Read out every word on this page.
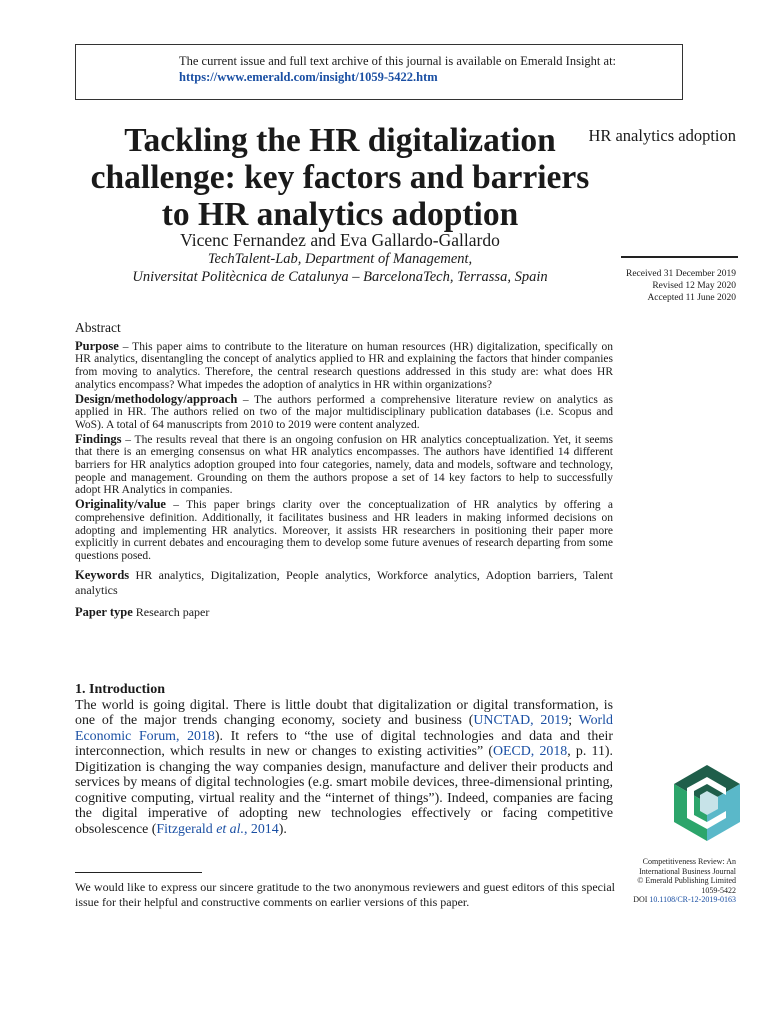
The current issue and full text archive of this journal is available on Emerald Insight at:
https://www.emerald.com/insight/1059-5422.htm
Tackling the HR digitalization challenge: key factors and barriers to HR analytics adoption
HR analytics adoption
Vicenc Fernandez and Eva Gallardo-Gallardo
TechTalent-Lab, Department of Management,
Universitat Politècnica de Catalunya – BarcelonaTech, Terrassa, Spain	Received 31 December 2019
Revised 12 May 2020
Accepted 11 June 2020
Abstract

Purpose – This paper aims to contribute to the literature on human resources (HR) digitalization, specifically on HR analytics, disentangling the concept of analytics applied to HR and explaining the factors that hinder companies from moving to analytics. Therefore, the central research questions addressed in this study are: what does HR analytics encompass? What impedes the adoption of analytics in HR within organizations?

Design/methodology/approach – The authors performed a comprehensive literature review on analytics as applied in HR. The authors relied on two of the major multidisciplinary publication databases (i.e. Scopus and WoS). A total of 64 manuscripts from 2010 to 2019 were content analyzed.

Findings – The results reveal that there is an ongoing confusion on HR analytics conceptualization. Yet, it seems that there is an emerging consensus on what HR analytics encompasses. The authors have identified 14 different barriers for HR analytics adoption grouped into four categories, namely, data and models, software and technology, people and management. Grounding on them the authors propose a set of 14 key factors to help to successfully adopt HR Analytics in companies.

Originality/value – This paper brings clarity over the conceptualization of HR analytics by offering a comprehensive definition. Additionally, it facilitates business and HR leaders in making informed decisions on adopting and implementing HR analytics. Moreover, it assists HR researchers in positioning their paper more explicitly in current debates and encouraging them to develop some future avenues of research departing from some questions posed.

Keywords HR analytics, Digitalization, People analytics, Workforce analytics, Adoption barriers, Talent analytics

Paper type Research paper

1. Introduction

The world is going digital. There is little doubt that digitalization or digital transformation, is one of the major trends changing economy, society and business (UNCTAD, 2019; World Economic Forum, 2018). It refers to “the use of digital technologies and data and their interconnection, which results in new or changes to existing activities” (OECD, 2018, p. 11). Digitization is changing the way companies design, manufacture and deliver their products and services by means of digital technologies (e.g. smart mobile devices, three-dimensional printing, cognitive computing, virtual reality and the “internet of things”). Indeed, companies are facing the digital imperative of adopting new technologies effectively or facing competitive obsolescence (Fitzgerald et al., 2014).

Competitiveness Review: An International Business Journal
© Emerald Publishing Limited
1059-5422
DOI 10.1108/CR-12-2019-0163
We would like to express our sincere gratitude to the two anonymous reviewers and guest editors of this special issue for their helpful and constructive comments on earlier versions of this paper.
